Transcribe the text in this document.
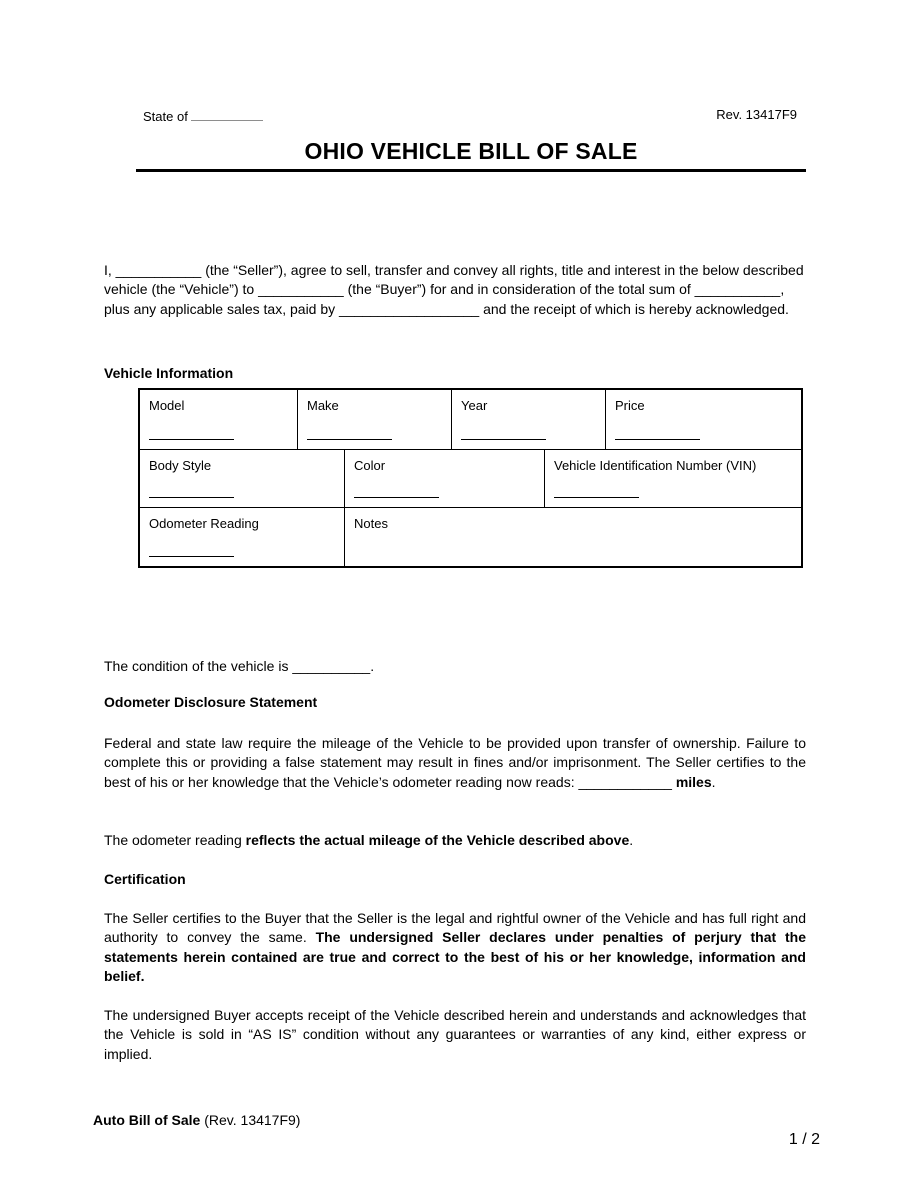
State of	Rev. 13417F9
OHIO VEHICLE BILL OF SALE
I, ___________ (the “Seller”), agree to sell, transfer and convey all rights, title and interest in the below described vehicle (the “Vehicle”) to ___________ (the “Buyer”) for and in consideration of the total sum of ___________, plus any applicable sales tax, paid by __________________ and the receipt of which is hereby acknowledged.
Vehicle Information
Model	Make	Year	Price
Body Style	Color	Vehicle Identification Number (VIN)
Odometer Reading	Notes
The condition of the vehicle is __________.
Odometer Disclosure Statement
Federal and state law require the mileage of the Vehicle to be provided upon transfer of ownership. Failure to complete this or providing a false statement may result in fines and/or imprisonment. The Seller certifies to the best of his or her knowledge that the Vehicle’s odometer reading now reads: ____________ miles.
The odometer reading reflects the actual mileage of the Vehicle described above.
Certification
The Seller certifies to the Buyer that the Seller is the legal and rightful owner of the Vehicle and has full right and authority to convey the same. The undersigned Seller declares under penalties of perjury that the statements herein contained are true and correct to the best of his or her knowledge, information and belief.
The undersigned Buyer accepts receipt of the Vehicle described herein and understands and acknowledges that the Vehicle is sold in “AS IS” condition without any guarantees or warranties of any kind, either express or implied.
Auto Bill of Sale (Rev. 13417F9)
1 / 2
